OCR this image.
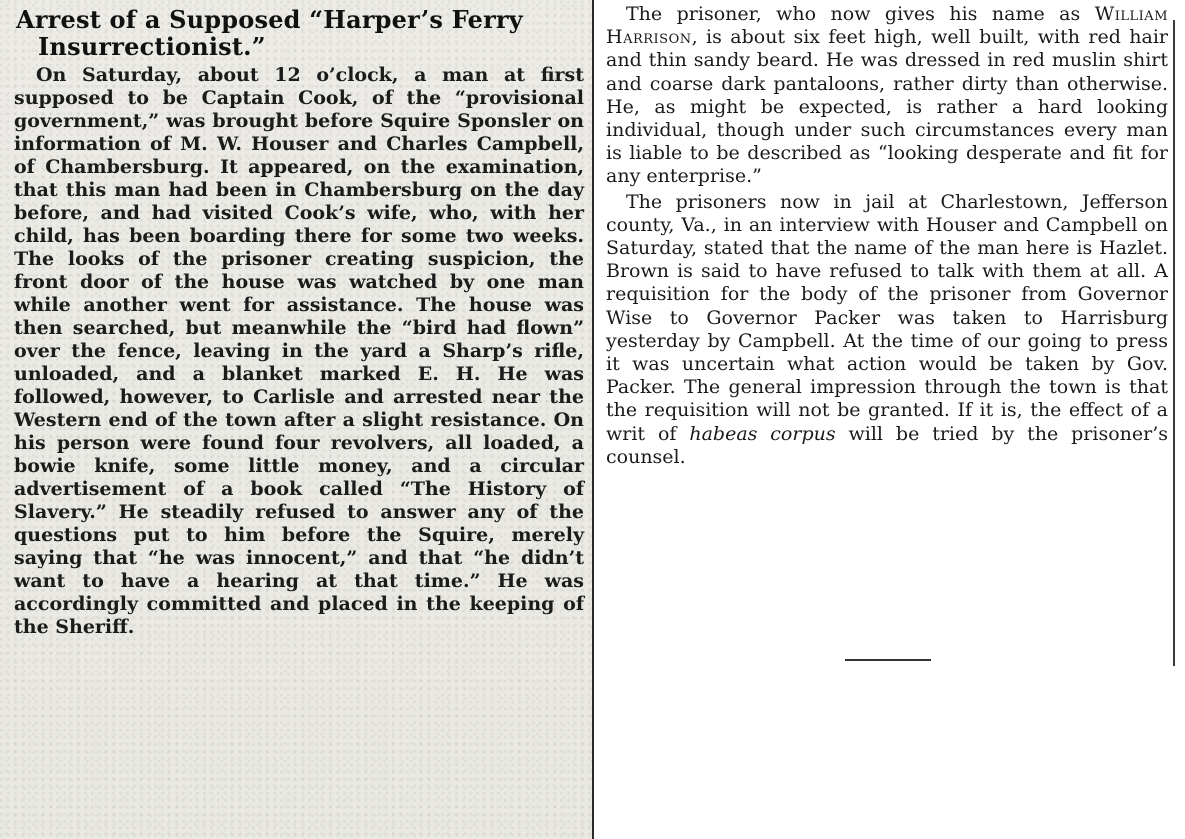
Arrest of a Supposed “Harper’s Ferry
Insurrectionist.”

On Saturday, about 12 o’clock, a man at first supposed to be Captain Cook, of the “provisional government,” was brought before Squire Sponsler on information of M. W. Houser and Charles Campbell, of Chambersburg. It appeared, on the examination, that this man had been in Chambersburg on the day before, and had visited Cook’s wife, who, with her child, has been boarding there for some two weeks. The looks of the prisoner creating suspicion, the front door of the house was watched by one man while another went for assistance. The house was then searched, but meanwhile the “bird had flown” over the fence, leaving in the yard a Sharp’s rifle, unloaded, and a blanket marked E. H. He was followed, however, to Carlisle and arrested near the Western end of the town after a slight resistance. On his person were found four revolvers, all loaded, a bowie knife, some little money, and a circular advertisement of a book called “The History of Slavery.” He steadily refused to answer any of the questions put to him before the Squire, merely saying that “he was innocent,” and that “he didn’t want to have a hearing at that time.” He was accordingly committed and placed in the keeping of the Sheriff.

The prisoner, who now gives his name as William Harrison, is about six feet high, well built, with red hair and thin sandy beard. He was dressed in red muslin shirt and coarse dark pantaloons, rather dirty than otherwise. He, as might be expected, is rather a hard looking individual, though under such circumstances every man is liable to be described as “looking desperate and fit for any enterprise.”

The prisoners now in jail at Charlestown, Jefferson county, Va., in an interview with Houser and Campbell on Saturday, stated that the name of the man here is Hazlet. Brown is said to have refused to talk with them at all. A requisition for the body of the prisoner from Governor Wise to Governor Packer was taken to Harrisburg yesterday by Campbell. At the time of our going to press it was uncertain what action would be taken by Gov. Packer. The general impression through the town is that the requisition will not be granted. If it is, the effect of a writ of habeas corpus will be tried by the prisoner’s counsel.
